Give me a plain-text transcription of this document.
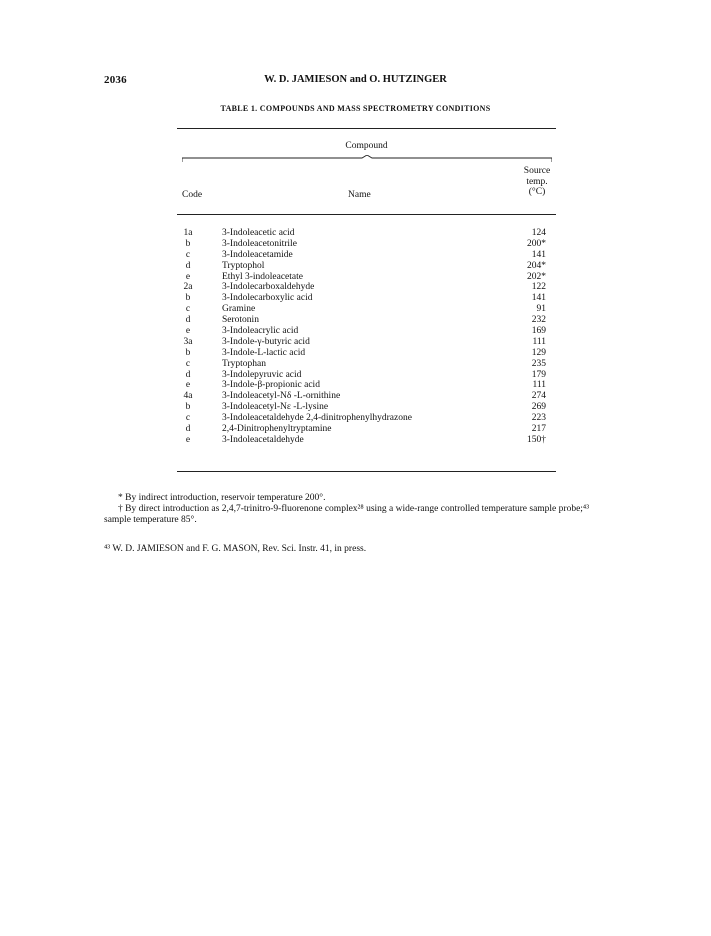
2036	W. D. JAMIESON and O. HUTZINGER
TABLE 1. COMPOUNDS AND MASS SPECTROMETRY CONDITIONS
Compound
Code	Name
Source
temp.
(°C)
1a	3-Indoleacetic acid	124
b	3-Indoleacetonitrile	200*
c	3-Indoleacetamide	141
d	Tryptophol	204*
e	Ethyl 3-indoleacetate	202*
2a	3-Indolecarboxaldehyde	122
b	3-Indolecarboxylic acid	141
c	Gramine	91
d	Serotonin	232
e	3-Indoleacrylic acid	169
3a	3-Indole-γ-butyric acid	111
b	3-Indole-L-lactic acid	129
c	Tryptophan	235
d	3-Indolepyruvic acid	179
e	3-Indole-β-propionic acid	111
4a	3-Indoleacetyl-Nδ -L-ornithine	274
b	3-Indoleacetyl-Nε -L-lysine	269
c	3-Indoleacetaldehyde 2,4-dinitrophenylhydrazone	223
d	2,4-Dinitrophenyltryptamine	217
e	3-Indoleacetaldehyde	150†

* By indirect introduction, reservoir temperature 200°.

† By direct introduction as 2,4,7-trinitro-9-fluorenone complex²⁸ using a wide-range controlled temperature sample probe;⁴³ sample temperature 85°.

⁴³ W. D. JAMIESON and F. G. MASON, Rev. Sci. Instr. 41, in press.
